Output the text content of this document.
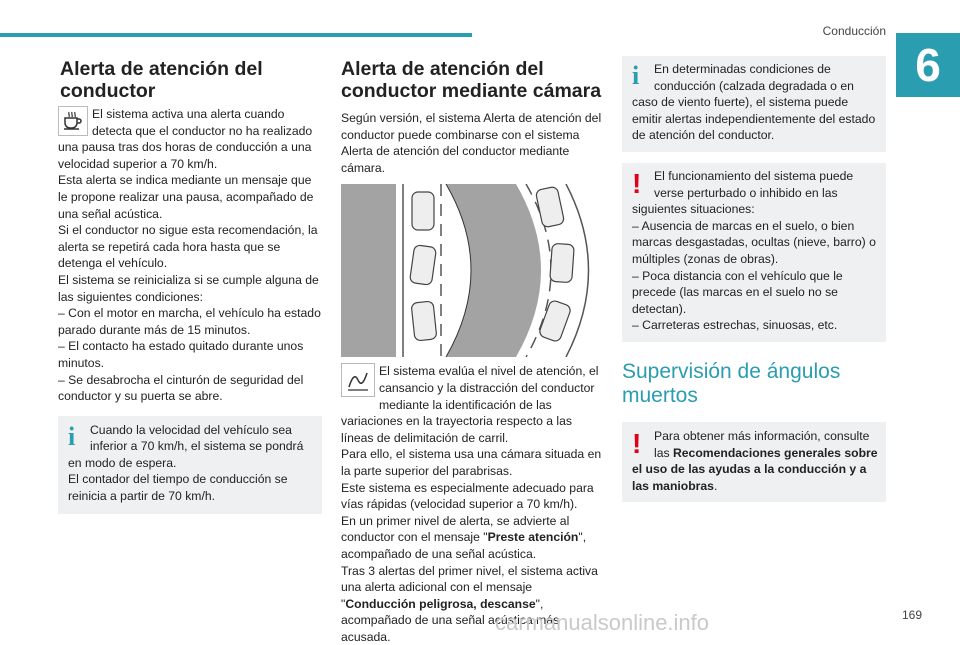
Conducción
6
Alerta de atención del conductor

El sistema activa una alerta cuando detecta que el conductor no ha realizado una pausa tras dos horas de conducción a una velocidad superior a 70 km/h.

Esta alerta se indica mediante un mensaje que le propone realizar una pausa, acompañado de una señal acústica.

Si el conductor no sigue esta recomendación, la alerta se repetirá cada hora hasta que se detenga el vehículo.

El sistema se reinicializa si se cumple alguna de las siguientes condiciones:

– Con el motor en marcha, el vehículo ha estado parado durante más de 15 minutos.

– El contacto ha estado quitado durante unos minutos.

– Se desabrocha el cinturón de seguridad del conductor y su puerta se abre.

i	Cuando la velocidad del vehículo sea inferior a 70 km/h, el sistema se pondrá en modo de espera.

El contador del tiempo de conducción se reinicia a partir de 70 km/h.

Alerta de atención del conductor mediante cámara

Según versión, el sistema Alerta de atención del conductor puede combinarse con el sistema Alerta de atención del conductor mediante cámara.

El sistema evalúa el nivel de atención, el cansancio y la distracción del conductor mediante la identificación de las variaciones en la trayectoria respecto a las líneas de delimitación de carril.

Para ello, el sistema usa una cámara situada en la parte superior del parabrisas.

Este sistema es especialmente adecuado para vías rápidas (velocidad superior a 70 km/h).

En un primer nivel de alerta, se advierte al conductor con el mensaje "Preste atención", acompañado de una señal acústica.

Tras 3 alertas del primer nivel, el sistema activa una alerta adicional con el mensaje "Conducción peligrosa, descanse", acompañado de una señal acústica más acusada.

i	En determinadas condiciones de conducción (calzada degradada o en caso de viento fuerte), el sistema puede emitir alertas independientemente del estado de atención del conductor.

!	El funcionamiento del sistema puede verse perturbado o inhibido en las siguientes situaciones:

– Ausencia de marcas en el suelo, o bien marcas desgastadas, ocultas (nieve, barro) o múltiples (zonas de obras).

– Poca distancia con el vehículo que le precede (las marcas en el suelo no se detectan).

– Carreteras estrechas, sinuosas, etc.

Supervisión de ángulos muertos
!	Para obtener más información, consulte las Recomendaciones generales sobre el uso de las ayudas a la conducción y a las maniobras.

carmanualsonline.info	169
